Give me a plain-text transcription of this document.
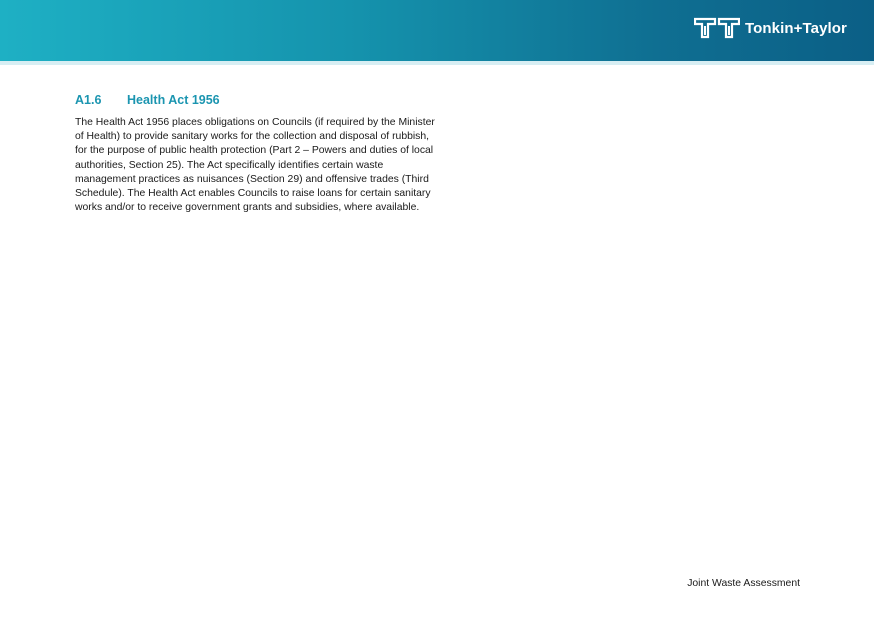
Tonkin+Taylor
A1.6	Health Act 1956

The Health Act 1956 places obligations on Councils (if required by the Minister of Health) to provide sanitary works for the collection and disposal of rubbish, for the purpose of public health protection (Part 2 – Powers and duties of local authorities, Section 25). The Act specifically identifies certain waste management practices as nuisances (Section 29) and offensive trades (Third Schedule). The Health Act enables Councils to raise loans for certain sanitary works and/or to receive government grants and subsidies, where available.

Joint Waste Assessment
